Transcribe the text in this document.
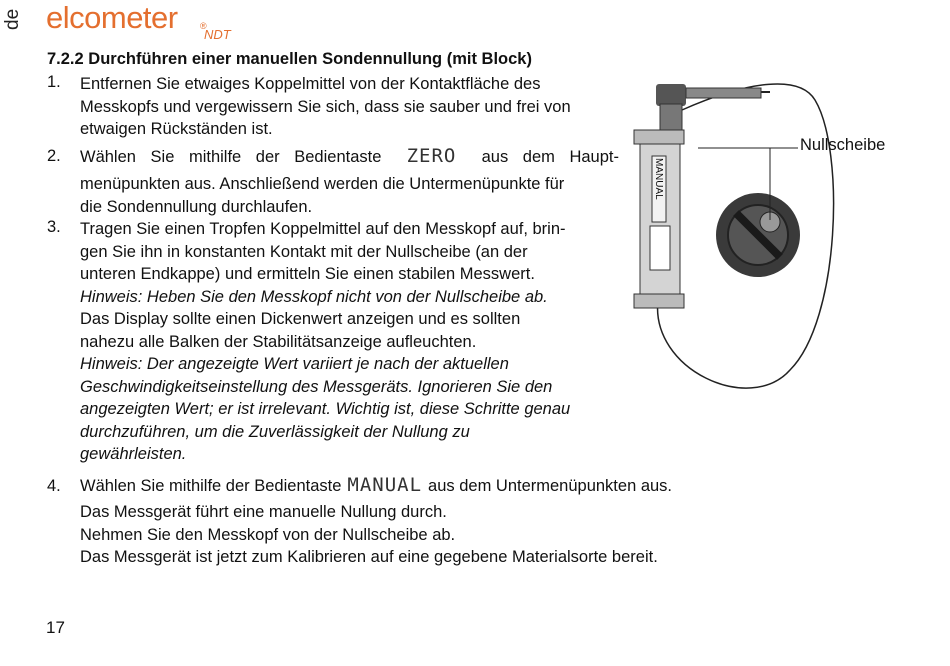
de elcometer ®
NDT
7.2.2 Durchführen einer manuellen Sondennullung (mit Block)
1. Entfernen Sie etwaiges Koppelmittel von der Kontaktfläche des
Messkopfs und vergewissern Sie sich, dass sie sauber und frei von
etwaigen Rückständen ist.
2. Wählen Sie mithilfe der Bedientaste ZERO aus dem Haupt-
menüpunkten aus. Anschließend werden die Untermenüpunkte für
die Sondennullung durchlaufen.
3. Tragen Sie einen Tropfen Koppelmittel auf den Messkopf auf, brin-
gen Sie ihn in konstanten Kontakt mit der Nullscheibe (an der
unteren Endkappe) und ermitteln Sie einen stabilen Messwert.
Hinweis: Heben Sie den Messkopf nicht von der Nullscheibe ab.
Das Display sollte einen Dickenwert anzeigen und es sollten
nahezu alle Balken der Stabilitätsanzeige aufleuchten.
Hinweis: Der angezeigte Wert variiert je nach der aktuellen
Geschwindigkeitseinstellung des Messgeräts. Ignorieren Sie den
angezeigten Wert; er ist irrelevant. Wichtig ist, diese Schritte genau
durchzuführen, um die Zuverlässigkeit der Nullung zu
gewährleisten.
4. Wählen Sie mithilfe der Bedientaste MANUAL aus dem Untermenüpunkten aus.
Das Messgerät führt eine manuelle Nullung durch.
Nehmen Sie den Messkopf von der Nullscheibe ab.
Das Messgerät ist jetzt zum Kalibrieren auf eine gegebene Materialsorte bereit.
MANUAL
Nullscheibe
17
